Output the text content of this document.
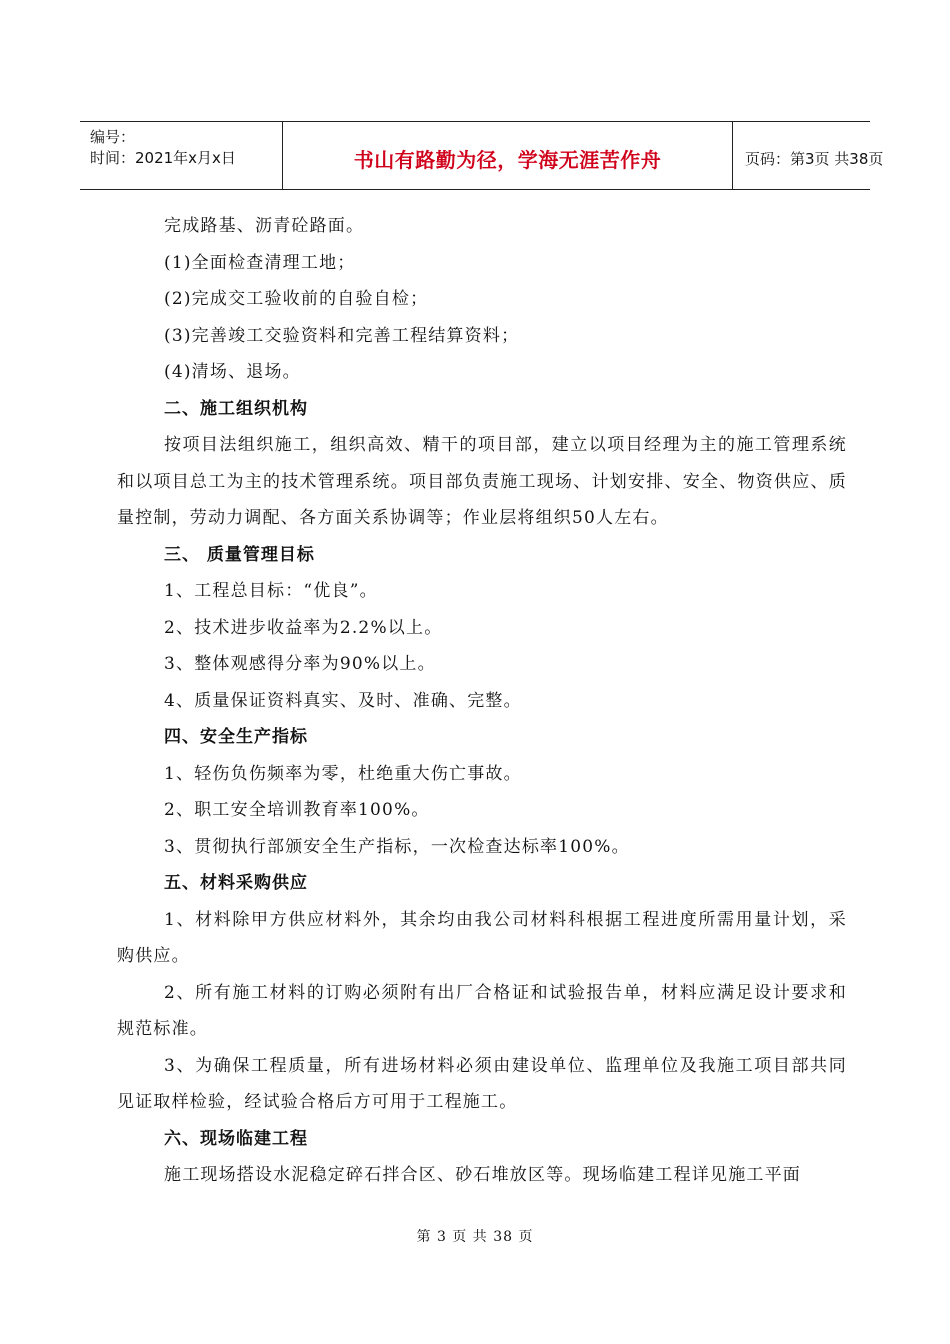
编号：
时间：2021年x月x日	书山有路勤为径，学海无涯苦作舟	页码：第3页 共38页

完成路基、沥青砼路面。

(1)全面检查清理工地；

(2)完成交工验收前的自验自检；

(3)完善竣工交验资料和完善工程结算资料；

(4)清场、退场。

二、施工组织机构

按项目法组织施工，组织高效、精干的项目部，建立以项目经理为主的施工管理系统和以项目总工为主的技术管理系统。项目部负责施工现场、计划安排、安全、物资供应、质量控制，劳动力调配、各方面关系协调等；作业层将组织50人左右。

三、 质量管理目标

1、工程总目标：“优良”。

2、技术进步收益率为2.2%以上。

3、整体观感得分率为90%以上。

4、质量保证资料真实、及时、准确、完整。

四、安全生产指标

1、轻伤负伤频率为零，杜绝重大伤亡事故。

2、职工安全培训教育率100%。

3、贯彻执行部颁安全生产指标，一次检查达标率100%。

五、材料采购供应

1、材料除甲方供应材料外，其余均由我公司材料科根据工程进度所需用量计划，采购供应。

2、所有施工材料的订购必须附有出厂合格证和试验报告单，材料应满足设计要求和规范标准。

3、为确保工程质量，所有进场材料必须由建设单位、监理单位及我施工项目部共同见证取样检验，经试验合格后方可用于工程施工。

六、现场临建工程

施工现场搭设水泥稳定碎石拌合区、砂石堆放区等。现场临建工程详见施工平面

第 3 页 共 38 页
